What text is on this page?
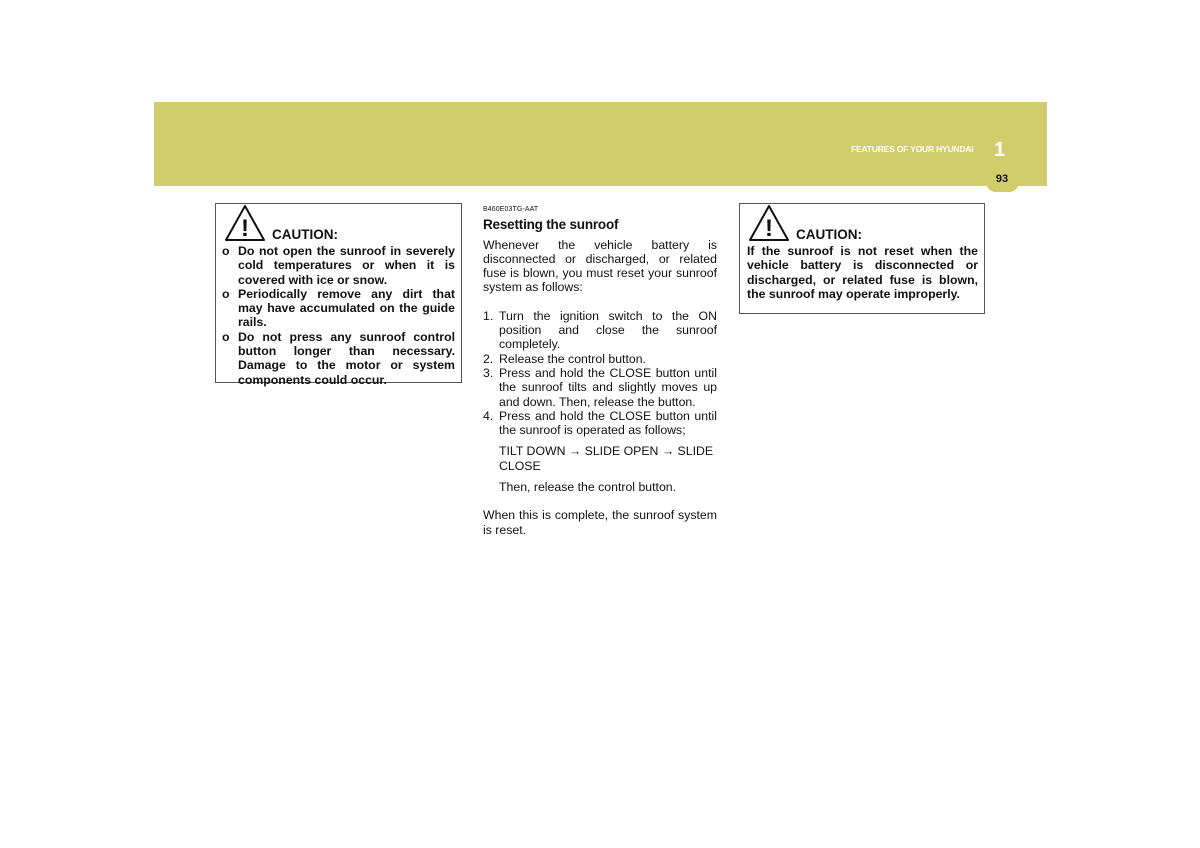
FEATURES OF YOUR HYUNDAI 1
93
! CAUTION:
o Do not open the sunroof in severely cold temperatures or when it is covered with ice or snow.
o Periodically remove any dirt that may have accumulated on the guide rails.
o Do not press any sunroof control button longer than necessary. Damage to the motor or system components could occur.
B460E03TG-AAT
Resetting the sunroof

Whenever the vehicle battery is disconnected or discharged, or related fuse is blown, you must reset your sunroof system as follows:

1. Turn the ignition switch to the ON position and close the sunroof completely.
2. Release the control button.
3. Press and hold the CLOSE button until the sunroof tilts and slightly moves up and down. Then, release the button.
4. Press and hold the CLOSE button until the sunroof is operated as follows;
TILT DOWN → SLIDE OPEN → SLIDE CLOSE
Then, release the control button.
When this is complete, the sunroof system is reset.
! CAUTION:

If the sunroof is not reset when the vehicle battery is disconnected or discharged, or related fuse is blown, the sunroof may operate improperly.
